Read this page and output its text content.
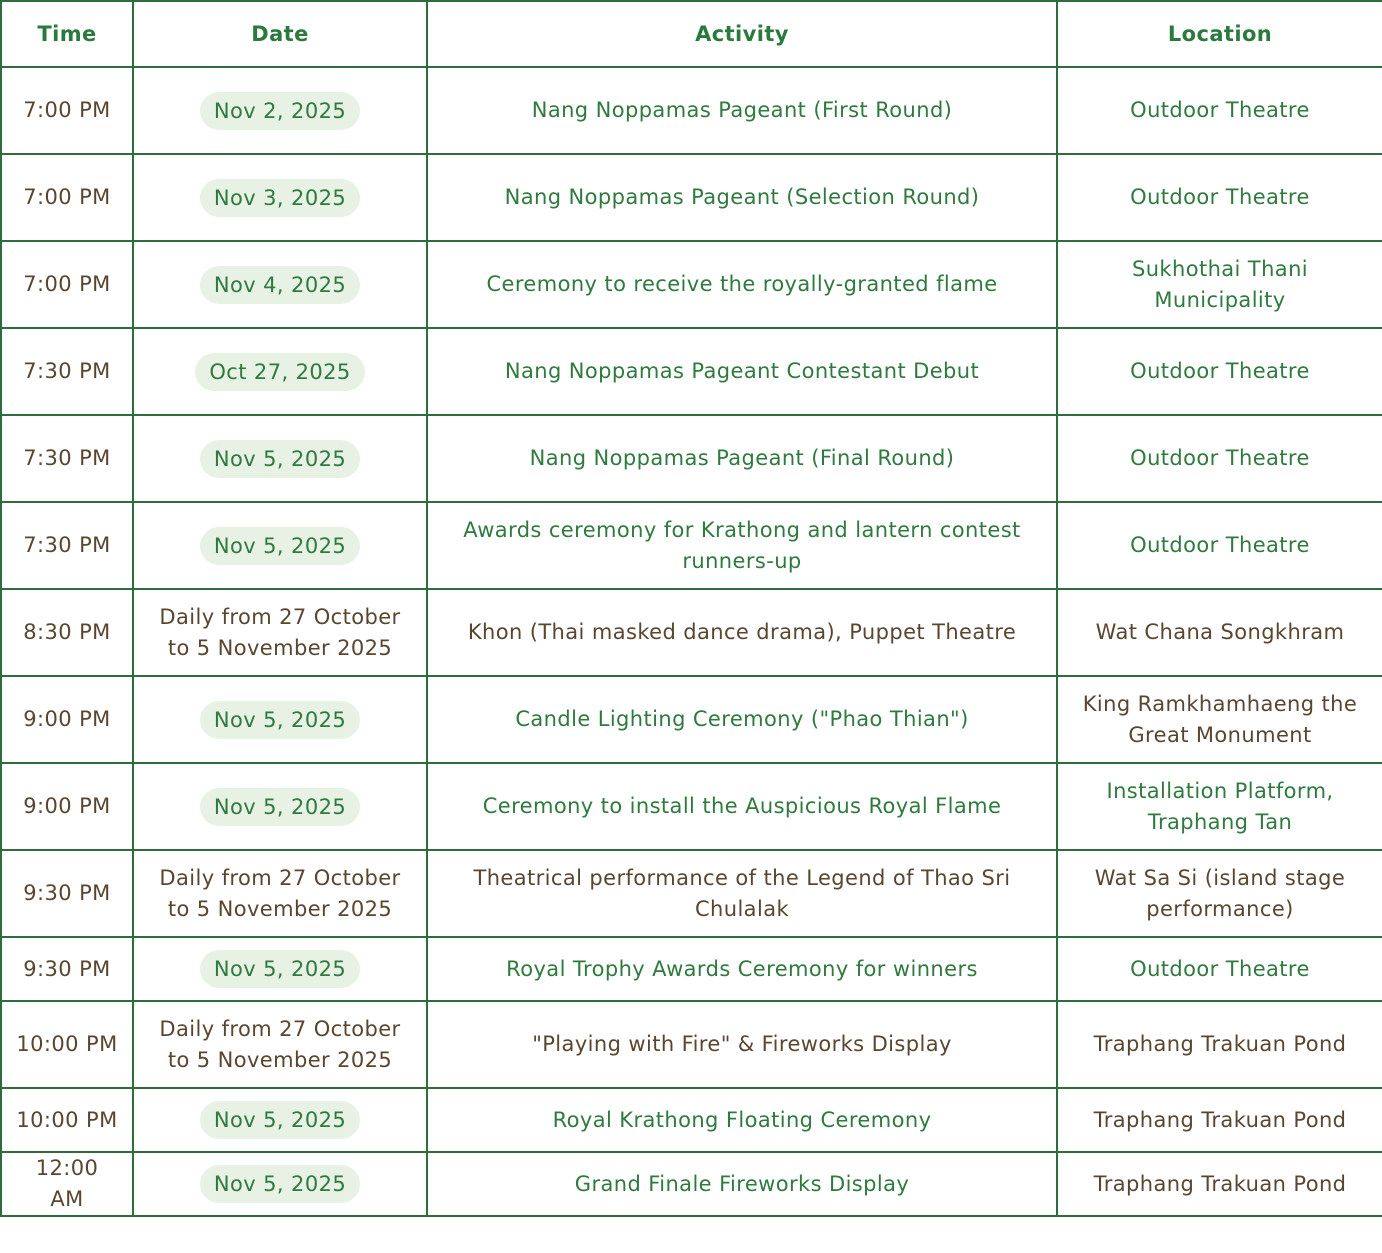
Time	Date	Activity	Location
7:00 PM	Nov 2, 2025	Nang Noppamas Pageant (First Round)	Outdoor Theatre
7:00 PM	Nov 3, 2025	Nang Noppamas Pageant (Selection Round)	Outdoor Theatre
7:00 PM	Nov 4, 2025	Ceremony to receive the royally-granted flame	Sukhothai Thani Municipality
7:30 PM	Oct 27, 2025	Nang Noppamas Pageant Contestant Debut	Outdoor Theatre
7:30 PM	Nov 5, 2025	Nang Noppamas Pageant (Final Round)	Outdoor Theatre
7:30 PM	Nov 5, 2025	Awards ceremony for Krathong and lantern contest runners-up	Outdoor Theatre
8:30 PM	Daily from 27 October to 5 November 2025	Khon (Thai masked dance drama), Puppet Theatre	Wat Chana Songkhram
9:00 PM	Nov 5, 2025	Candle Lighting Ceremony ("Phao Thian")	King Ramkhamhaeng the Great Monument
9:00 PM	Nov 5, 2025	Ceremony to install the Auspicious Royal Flame	Installation Platform, Traphang Tan
9:30 PM	Daily from 27 October to 5 November 2025	Theatrical performance of the Legend of Thao Sri Chulalak	Wat Sa Si (island stage performance)
9:30 PM	Nov 5, 2025	Royal Trophy Awards Ceremony for winners	Outdoor Theatre
10:00 PM	Daily from 27 October to 5 November 2025	"Playing with Fire" & Fireworks Display	Traphang Trakuan Pond
10:00 PM	Nov 5, 2025	Royal Krathong Floating Ceremony	Traphang Trakuan Pond
12:00 AM	Nov 5, 2025	Grand Finale Fireworks Display	Traphang Trakuan Pond
